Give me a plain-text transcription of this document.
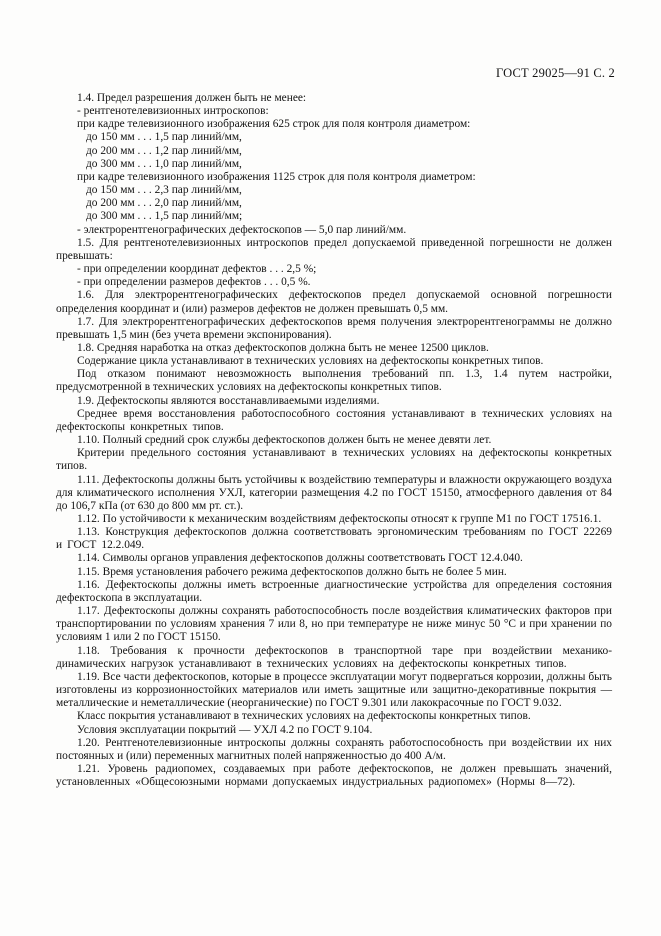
ГОСТ 29025—91 С. 2

1.4. Предел разрешения должен быть не менее:

- рентгенотелевизионных интроскопов:

при кадре телевизионного изображения 625 строк для поля контроля диаметром:

до 150 мм . . . 1,5 пар линий/мм,

до 200 мм . . . 1,2 пар линий/мм,

до 300 мм . . . 1,0 пар линий/мм,

при кадре телевизионного изображения 1125 строк для поля контроля диаметром:

до 150 мм . . . 2,3 пар линий/мм,

до 200 мм . . . 2,0 пар линий/мм,

до 300 мм . . . 1,5 пар линий/мм;

- электрорентгенографических дефектоскопов — 5,0 пар линий/мм.

1.5. Для рентгенотелевизионных интроскопов предел допускаемой приведенной погрешности не должен превышать:

- при определении координат дефектов . . . 2,5 %;

- при определении размеров дефектов . . . 0,5 %.

1.6. Для электрорентгенографических дефектоскопов предел допускаемой основной погрешности определения координат и (или) размеров дефектов не должен превышать 0,5 мм.

1.7. Для электрорентгенографических дефектоскопов время получения электрорентгенограммы не должно превышать 1,5 мин (без учета времени экспонирования).

1.8. Средняя наработка на отказ дефектоскопов должна быть не менее 12500 циклов.

Содержание цикла устанавливают в технических условиях на дефектоскопы конкретных типов.

Под отказом понимают невозможность выполнения требований пп. 1.3, 1.4 путем настройки, предусмотренной в технических условиях на дефектоскопы конкретных типов.

1.9. Дефектоскопы являются восстанавливаемыми изделиями.

Среднее время восстановления работоспособного состояния устанавливают в технических условиях на дефектоскопы конкретных типов.

1.10. Полный средний срок службы дефектоскопов должен быть не менее девяти лет.

Критерии предельного состояния устанавливают в технических условиях на дефектоскопы конкретных типов.

1.11. Дефектоскопы должны быть устойчивы к воздействию температуры и влажности окружающего воздуха для климатического исполнения УХЛ, категории размещения 4.2 по ГОСТ 15150, атмосферного давления от 84 до 106,7 кПа (от 630 до 800 мм рт. ст.).

1.12. По устойчивости к механическим воздействиям дефектоскопы относят к группе М1 по ГОСТ 17516.1.

1.13. Конструкция дефектоскопов должна соответствовать эргономическим требованиям по ГОСТ 22269 и ГОСТ 12.2.049.

1.14. Символы органов управления дефектоскопов должны соответствовать ГОСТ 12.4.040.

1.15. Время установления рабочего режима дефектоскопов должно быть не более 5 мин.

1.16. Дефектоскопы должны иметь встроенные диагностические устройства для определения состояния дефектоскопа в эксплуатации.

1.17. Дефектоскопы должны сохранять работоспособность после воздействия климатических факторов при транспортировании по условиям хранения 7 или 8, но при температуре не ниже минус 50 °С и при хранении по условиям 1 или 2 по ГОСТ 15150.

1.18. Требования к прочности дефектоскопов в транспортной таре при воздействии механико-динамических нагрузок устанавливают в технических условиях на дефектоскопы конкретных типов.

1.19. Все части дефектоскопов, которые в процессе эксплуатации могут подвергаться коррозии, должны быть изготовлены из коррозионностойких материалов или иметь защитные или защитно-декоративные покрытия — металлические и неметаллические (неорганические) по ГОСТ 9.301 или лакокрасочные по ГОСТ 9.032.

Класс покрытия устанавливают в технических условиях на дефектоскопы конкретных типов.

Условия эксплуатации покрытий — УХЛ 4.2 по ГОСТ 9.104.

1.20. Рентгенотелевизионные интроскопы должны сохранять работоспособность при воздействии их них постоянных и (или) переменных магнитных полей напряженностью до 400 А/м.

1.21. Уровень радиопомех, создаваемых при работе дефектоскопов, не должен превышать значений, установленных «Общесоюзными нормами допускаемых индустриальных радиопомех» (Нормы 8—72).
